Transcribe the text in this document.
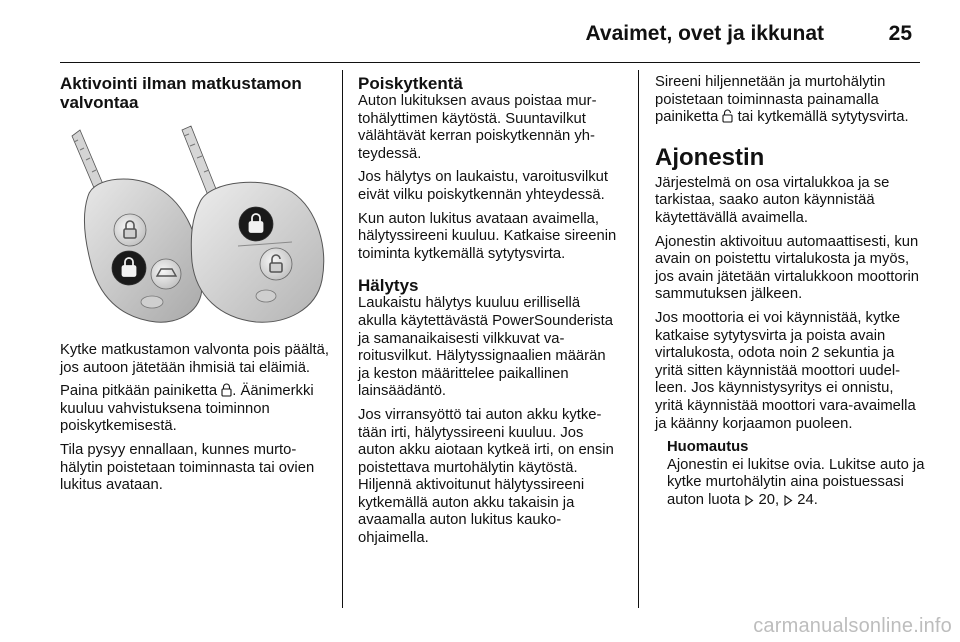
Avaimet, ovet ja ikkunat	25
Aktivointi ilman matkustamon valvontaa

Kytke matkustamon valvonta pois päältä, jos autoon jätetään ihmisiä tai eläimiä.

Paina pitkään painiketta . Äänimerkki kuuluu vahvistuksena toiminnon poiskytkemisestä.

Tila pysyy ennallaan, kunnes murtohälytin poistetaan toiminnasta tai ovien lukitus avataan.

Poiskytkentä

Auton lukituksen avaus poistaa murtohälyttimen käytöstä. Suuntavilkut välähtävät kerran poiskytkennän yhteydessä.

Jos hälytys on laukaistu, varoitusvilkut eivät vilku poiskytkennän yhteydessä.

Kun auton lukitus avataan avaimella, hälytyssireeni kuuluu. Katkaise sireenin toiminta kytkemällä sytytysvirta.

Hälytys

Laukaistu hälytys kuuluu erillisellä akulla käytettävästä PowerSounderista ja samanaikaisesti vilkkuvat varoitusvilkut. Hälytyssignaalien määrän ja keston määrittelee paikallinen lainsäädäntö.

Jos virransyöttö tai auton akku kytketään irti, hälytyssireeni kuuluu. Jos auton akku aiotaan kytkeä irti, on ensin poistettava murtohälytin käytöstä. Hiljennä aktivoitunut hälytyssireeni kytkemällä auton akku takaisin ja avaamalla auton lukitus kaukoohjaimella.

Sireeni hiljennetään ja murtohälytin poistetaan toiminnasta painamalla painiketta  tai kytkemällä sytytysvirta.

Ajonestin

Järjestelmä on osa virtalukkoa ja se tarkistaa, saako auton käynnistää käytettävällä avaimella.

Ajonestin aktivoituu automaattisesti, kun avain on poistettu virtalukosta ja myös, jos avain jätetään virtalukkoon moottorin sammutuksen jälkeen.

Jos moottoria ei voi käynnistää, kytke katkaise sytytysvirta ja poista avain virtalukosta, odota noin 2 sekuntia ja yritä sitten käynnistää moottori uudelleen. Jos käynnistysyritys ei onnistu, yritä käynnistää moottori vara-avaimella ja käänny korjaamon puoleen.

Huomautus
Ajonestin ei lukitse ovia. Lukitse auto ja kytke murtohälytin aina poistuessasi auton luota  20,  24.
carmanualsonline.info
